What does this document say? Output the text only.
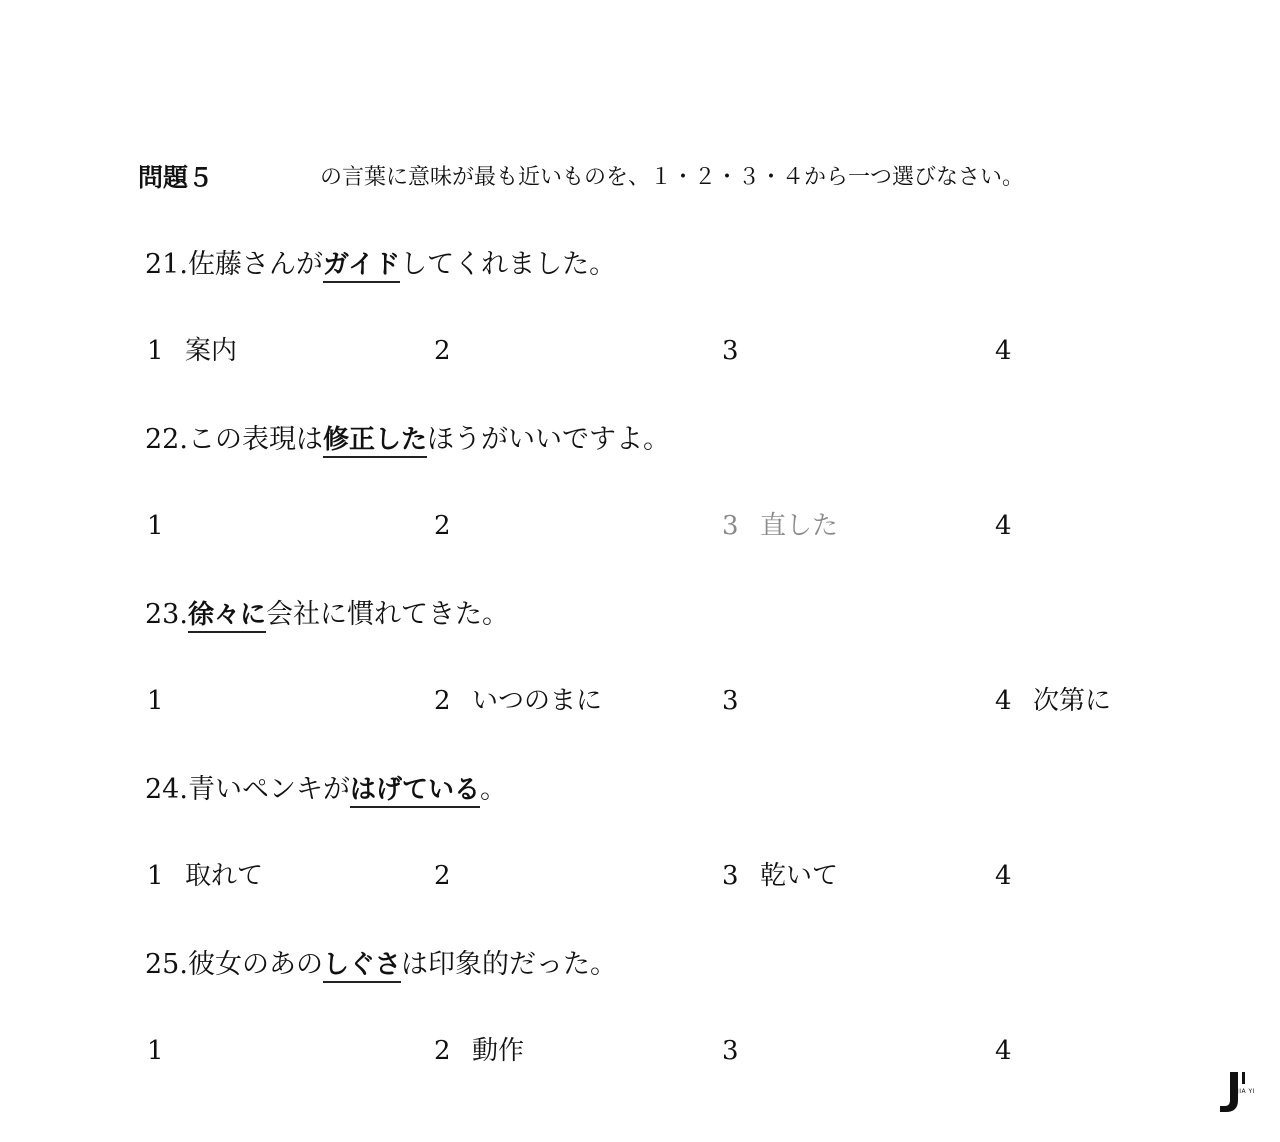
問題５	の言葉に意味が最も近いものを、１・２・３・４から一つ選びなさい。
21.佐藤さんがガイドしてくれました。
1 案内	2	3	4
22.この表現は修正したほうがいいですよ。
1	2	3 直した	4
23.徐々に会社に慣れてきた。
1	2 いつのまに	3	4 次第に
24.青いペンキがはげている。
1 取れて	2	3 乾いて	4
25.彼女のあのしぐさは印象的だった。
1	2 動作	3	4
JIA YI
